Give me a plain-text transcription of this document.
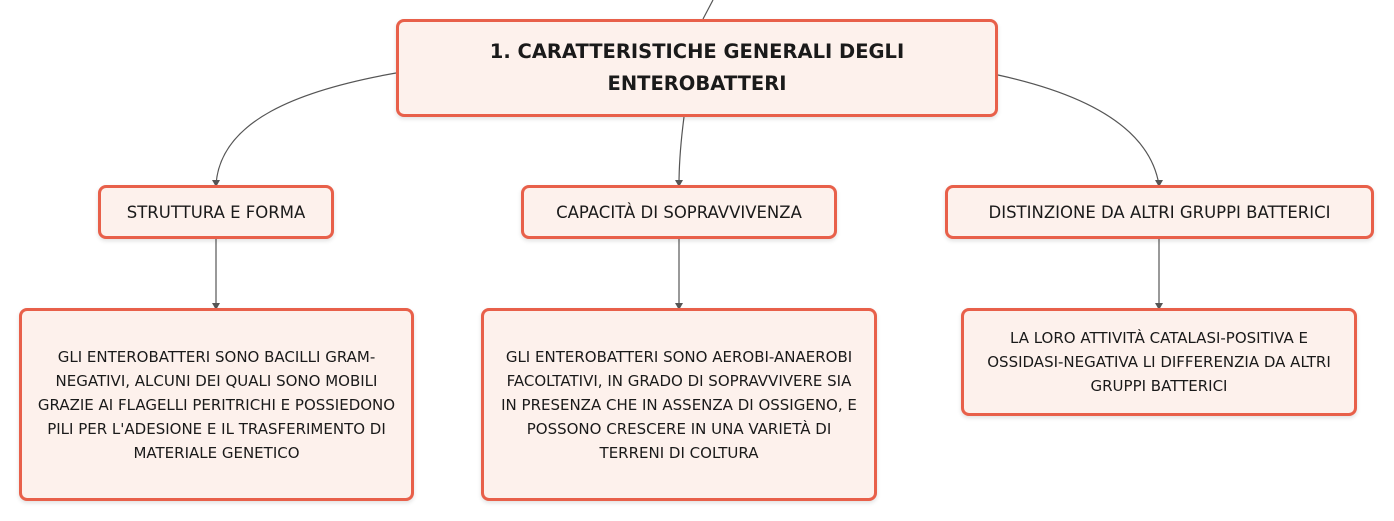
1. CARATTERISTICHE GENERALI DEGLI ENTEROBATTERI
STRUTTURA E FORMA	CAPACITÀ DI SOPRAVVIVENZA	DISTINZIONE DA ALTRI GRUPPI BATTERICI
GLI ENTEROBATTERI SONO BACILLI GRAM-NEGATIVI, ALCUNI DEI QUALI SONO MOBILI GRAZIE AI FLAGELLI PERITRICHI E POSSIEDONO PILI PER L'ADESIONE E IL TRASFERIMENTO DI MATERIALE GENETICO
GLI ENTEROBATTERI SONO AEROBI-ANAEROBI FACOLTATIVI, IN GRADO DI SOPRAVVIVERE SIA IN PRESENZA CHE IN ASSENZA DI OSSIGENO, E POSSONO CRESCERE IN UNA VARIETÀ DI TERRENI DI COLTURA
LA LORO ATTIVITÀ CATALASI-POSITIVA E OSSIDASI-NEGATIVA LI DIFFERENZIA DA ALTRI GRUPPI BATTERICI
